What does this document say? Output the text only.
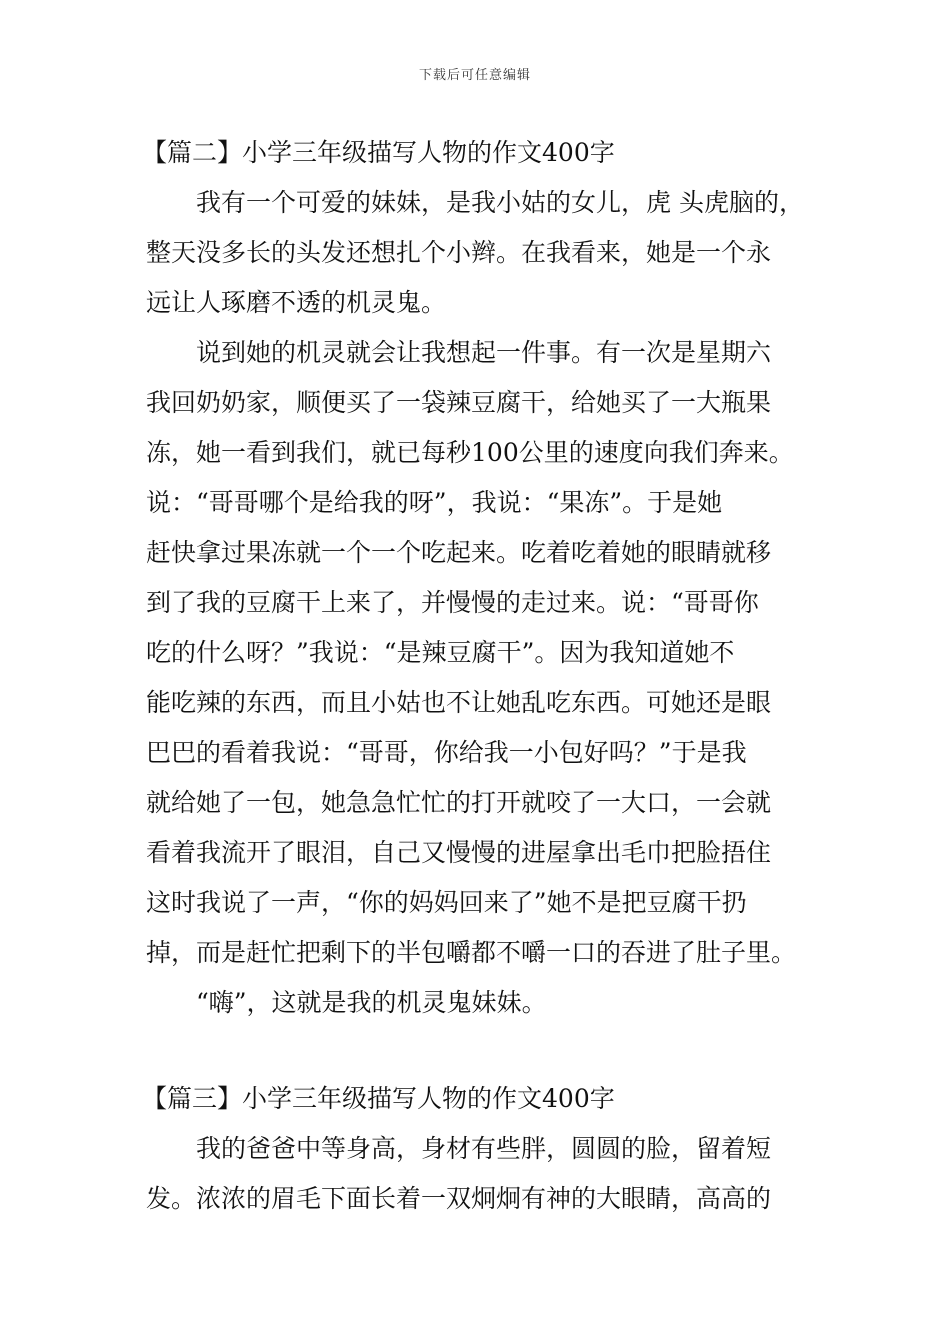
下载后可任意编辑
【篇二】小学三年级描写人物的作文400字
我有一个可爱的妹妹，是我小姑的女儿，虎 头虎脑的，
整天没多长的头发还想扎个小辫。在我看来，她是一个永
远让人琢磨不透的机灵鬼。
说到她的机灵就会让我想起一件事。有一次是星期六
我回奶奶家，顺便买了一袋辣豆腐干，给她买了一大瓶果
冻，她一看到我们，就已每秒100公里的速度向我们奔来。
说：“哥哥哪个是给我的呀”，我说：“果冻”。于是她
赶快拿过果冻就一个一个吃起来。吃着吃着她的眼睛就移
到了我的豆腐干上来了，并慢慢的走过来。说：“哥哥你
吃的什么呀？”我说：“是辣豆腐干”。因为我知道她不
能吃辣的东西，而且小姑也不让她乱吃东西。可她还是眼
巴巴的看着我说：“哥哥，你给我一小包好吗？”于是我
就给她了一包，她急急忙忙的打开就咬了一大口，一会就
看着我流开了眼泪，自己又慢慢的进屋拿出毛巾把脸捂住
这时我说了一声，“你的妈妈回来了”她不是把豆腐干扔
掉，而是赶忙把剩下的半包嚼都不嚼一口的吞进了肚子里。
“嗨”，这就是我的机灵鬼妹妹。
【篇三】小学三年级描写人物的作文400字
我的爸爸中等身高，身材有些胖，圆圆的脸，留着短
发。浓浓的眉毛下面长着一双炯炯有神的大眼睛，高高的
